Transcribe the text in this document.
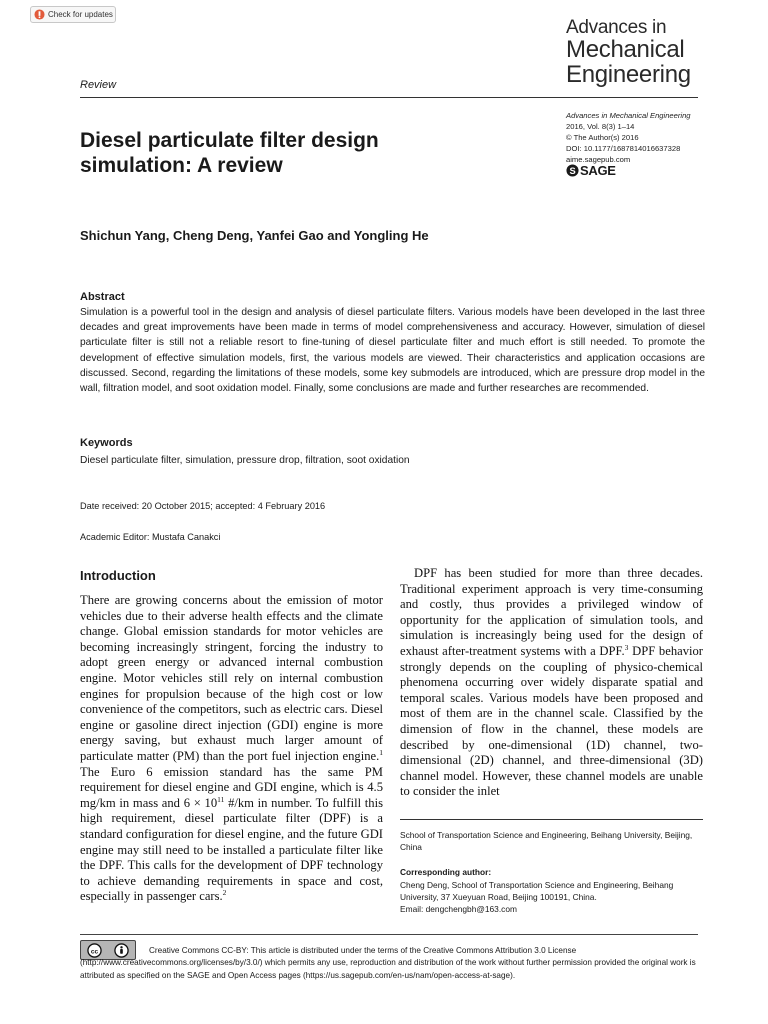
Check for updates
Advances in
Mechanical
Engineering
Review
Advances in Mechanical Engineering
2016, Vol. 8(3) 1–14
© The Author(s) 2016
DOI: 10.1177/1687814016637328
aime.sagepub.com
S SAGE
Diesel particulate filter design simulation: A review
Shichun Yang, Cheng Deng, Yanfei Gao and Yongling He
Abstract
Simulation is a powerful tool in the design and analysis of diesel particulate filters. Various models have been developed in the last three decades and great improvements have been made in terms of model comprehensiveness and accuracy. However, simulation of diesel particulate filter is still not a reliable resort to fine-tuning of diesel particulate filter and much effort is still needed. To promote the development of effective simulation models, first, the various models are viewed. Their characteristics and application occasions are discussed. Second, regarding the limitations of these models, some key submodels are introduced, which are pressure drop model in the wall, filtration model, and soot oxidation model. Finally, some conclusions are made and further researches are recommended.
Keywords
Diesel particulate filter, simulation, pressure drop, filtration, soot oxidation
Date received: 20 October 2015; accepted: 4 February 2016
Academic Editor: Mustafa Canakci
Introduction
There are growing concerns about the emission of motor vehicles due to their adverse health effects and the climate change. Global emission standards for motor vehicles are becoming increasingly stringent, forcing the industry to adopt green energy or advanced internal combustion engine. Motor vehicles still rely on internal combustion engines for propulsion because of the high cost or low convenience of the competitors, such as electric cars. Diesel engine or gasoline direct injection (GDI) engine is more energy saving, but exhaust much larger amount of particulate matter (PM) than the port fuel injection engine.$^1$ The Euro 6 emission standard has the same PM requirement for diesel engine and GDI engine, which is 4.5 mg/km in mass and $6 \times 10^{11}$ #/km in number. To fulfill this high requirement, diesel particulate filter (DPF) is a standard configuration for diesel engine, and the future GDI engine may still need to be installed a particulate filter like the DPF. This calls for the development of DPF technology to achieve demanding requirements in space and cost, especially in passenger cars.$^2$
DPF has been studied for more than three decades. Traditional experiment approach is very time-consuming and costly, thus provides a privileged window of opportunity for the application of simulation tools, and simulation is increasingly being used for the design of exhaust after-treatment systems with a DPF.$^3$ DPF behavior strongly depends on the coupling of physico-chemical phenomena occurring over widely disparate spatial and temporal scales. Various models have been proposed and most of them are in the channel scale. Classified by the dimension of flow in the channel, these models are described by one-dimensional (1D) channel, two-dimensional (2D) channel, and three-dimensional (3D) channel model. However, these channel models are unable to consider the inlet
School of Transportation Science and Engineering, Beihang University, Beijing, China
Corresponding author:
Cheng Deng, School of Transportation Science and Engineering, Beihang University, 37 Xueyuan Road, Beijing 100191, China.
Email: dengchengbh@163.com
cc	Creative Commons CC-BY: This article is distributed under the terms of the Creative Commons Attribution 3.0 License (http://www.creativecommons.org/licenses/by/3.0/) which permits any use, reproduction and distribution of the work without further permission provided the original work is attributed as specified on the SAGE and Open Access pages (https://us.sagepub.com/en-us/nam/open-access-at-sage).
